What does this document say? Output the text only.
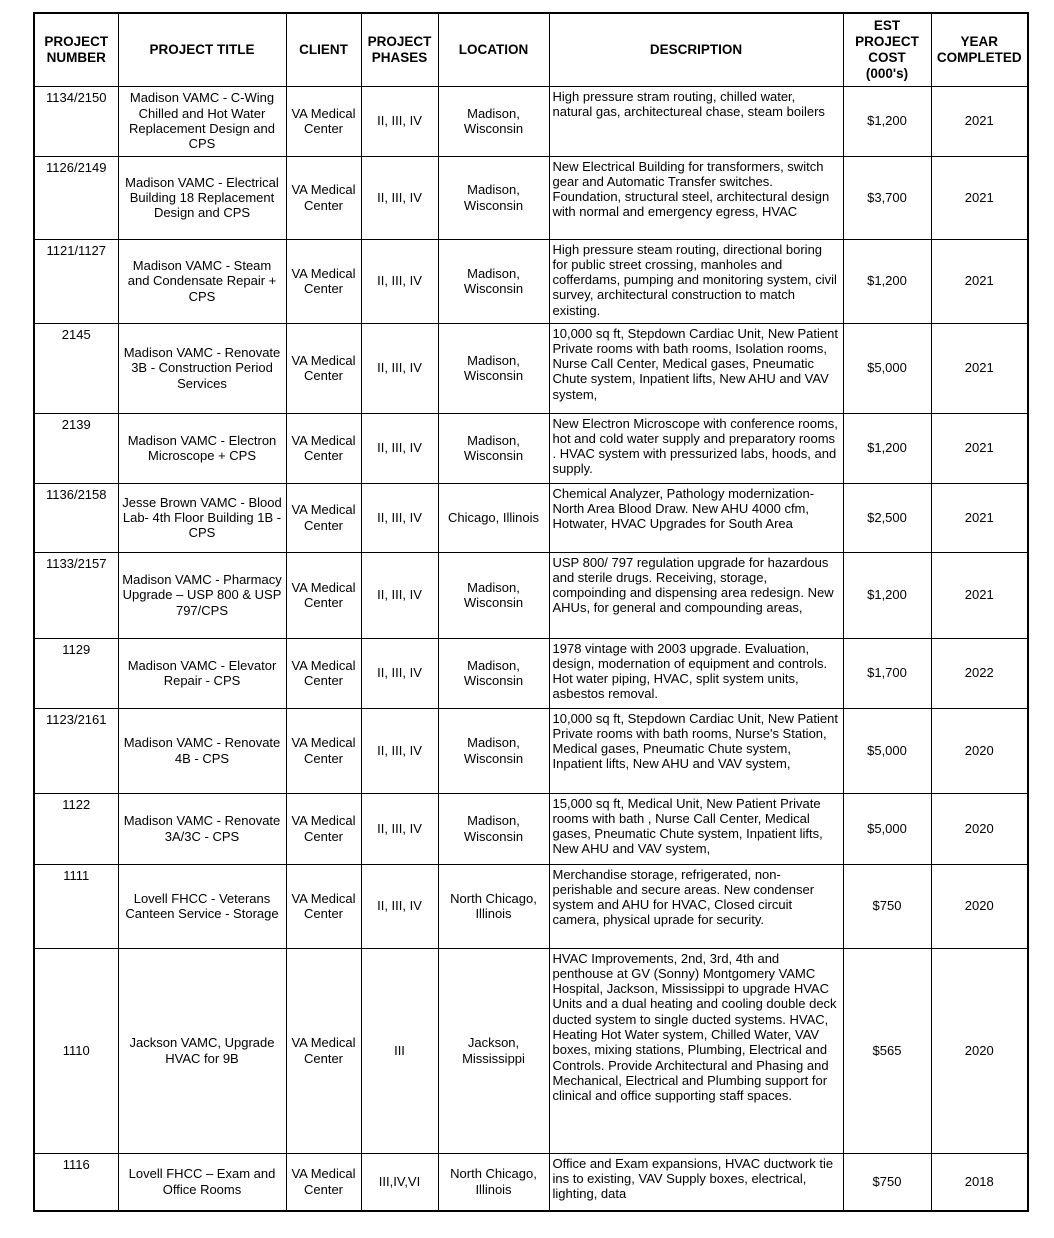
PROJECT NUMBER	PROJECT TITLE	CLIENT	PROJECT PHASES	LOCATION	DESCRIPTION	EST PROJECT COST (000's)	YEAR COMPLETED
1134/2150	Madison VAMC - C-Wing Chilled and Hot Water Replacement Design and CPS	VA Medical Center	II, III, IV	Madison, Wisconsin	High pressure stram routing, chilled water, natural gas, architectureal chase, steam boilers	$1,200	2021
1126/2149	Madison VAMC - Electrical Building 18 Replacement Design and CPS	VA Medical Center	II, III, IV	Madison, Wisconsin	New Electrical Building for transformers, switch gear and Automatic Transfer switches. Foundation, structural steel, architectural design with normal and emergency egress, HVAC	$3,700	2021
1121/1127	Madison VAMC - Steam and Condensate Repair + CPS	VA Medical Center	II, III, IV	Madison, Wisconsin	High pressure steam routing, directional boring for public street crossing, manholes and cofferdams, pumping and monitoring system, civil survey, architectural construction to match existing.	$1,200	2021
2145	Madison VAMC - Renovate 3B - Construction Period Services	VA Medical Center	II, III, IV	Madison, Wisconsin	10,000 sq ft, Stepdown Cardiac Unit, New Patient Private rooms with bath rooms, Isolation rooms, Nurse Call Center, Medical gases, Pneumatic Chute system, Inpatient lifts, New AHU and VAV system,	$5,000	2021
2139	Madison VAMC - Electron Microscope + CPS	VA Medical Center	II, III, IV	Madison, Wisconsin	New Electron Microscope with conference rooms, hot and cold water supply and preparatory rooms . HVAC system with pressurized labs, hoods, and supply.	$1,200	2021
1136/2158	Jesse Brown VAMC - Blood Lab- 4th Floor Building 1B - CPS	VA Medical Center	II, III, IV	Chicago, Illinois	Chemical Analyzer, Pathology modernization- North Area Blood Draw. New AHU 4000 cfm, Hotwater, HVAC Upgrades for South Area	$2,500	2021
1133/2157	Madison VAMC - Pharmacy Upgrade – USP 800 & USP 797/CPS	VA Medical Center	II, III, IV	Madison, Wisconsin	USP 800/ 797 regulation upgrade for hazardous and sterile drugs. Receiving, storage, compoinding and dispensing area redesign. New AHUs, for general and compounding areas,	$1,200	2021
1129	Madison VAMC - Elevator Repair - CPS	VA Medical Center	II, III, IV	Madison, Wisconsin	1978 vintage with 2003 upgrade. Evaluation, design, modernation of equipment and controls. Hot water piping, HVAC, split system units, asbestos removal.	$1,700	2022
1123/2161	Madison VAMC - Renovate 4B - CPS	VA Medical Center	II, III, IV	Madison, Wisconsin	10,000 sq ft, Stepdown Cardiac Unit, New Patient Private rooms with bath rooms, Nurse's Station, Medical gases, Pneumatic Chute system, Inpatient lifts, New AHU and VAV system,	$5,000	2020
1122	Madison VAMC - Renovate 3A/3C - CPS	VA Medical Center	II, III, IV	Madison, Wisconsin	15,000 sq ft, Medical Unit, New Patient Private rooms with bath , Nurse Call Center, Medical gases, Pneumatic Chute system, Inpatient lifts, New AHU and VAV system,	$5,000	2020
1111	Lovell FHCC - Veterans Canteen Service - Storage	VA Medical Center	II, III, IV	North Chicago, Illinois	Merchandise storage, refrigerated, non-perishable and secure areas. New condenser system and AHU for HVAC, Closed circuit camera, physical uprade for security.	$750	2020
1110	Jackson VAMC, Upgrade HVAC for 9B	VA Medical Center	III	Jackson, Mississippi	HVAC Improvements, 2nd, 3rd, 4th and penthouse at GV (Sonny) Montgomery VAMC Hospital, Jackson, Mississippi to upgrade HVAC Units and a dual heating and cooling double deck ducted system to single ducted systems. HVAC, Heating Hot Water system, Chilled Water, VAV boxes, mixing stations, Plumbing, Electrical and Controls. Provide Architectural and Phasing and Mechanical, Electrical and Plumbing support for clinical and office supporting staff spaces.	$565	2020
1116	Lovell FHCC – Exam and Office Rooms	VA Medical Center	III,IV,VI	North Chicago, Illinois	Office and Exam expansions, HVAC ductwork tie ins to existing, VAV Supply boxes, electrical, lighting, data	$750	2018
